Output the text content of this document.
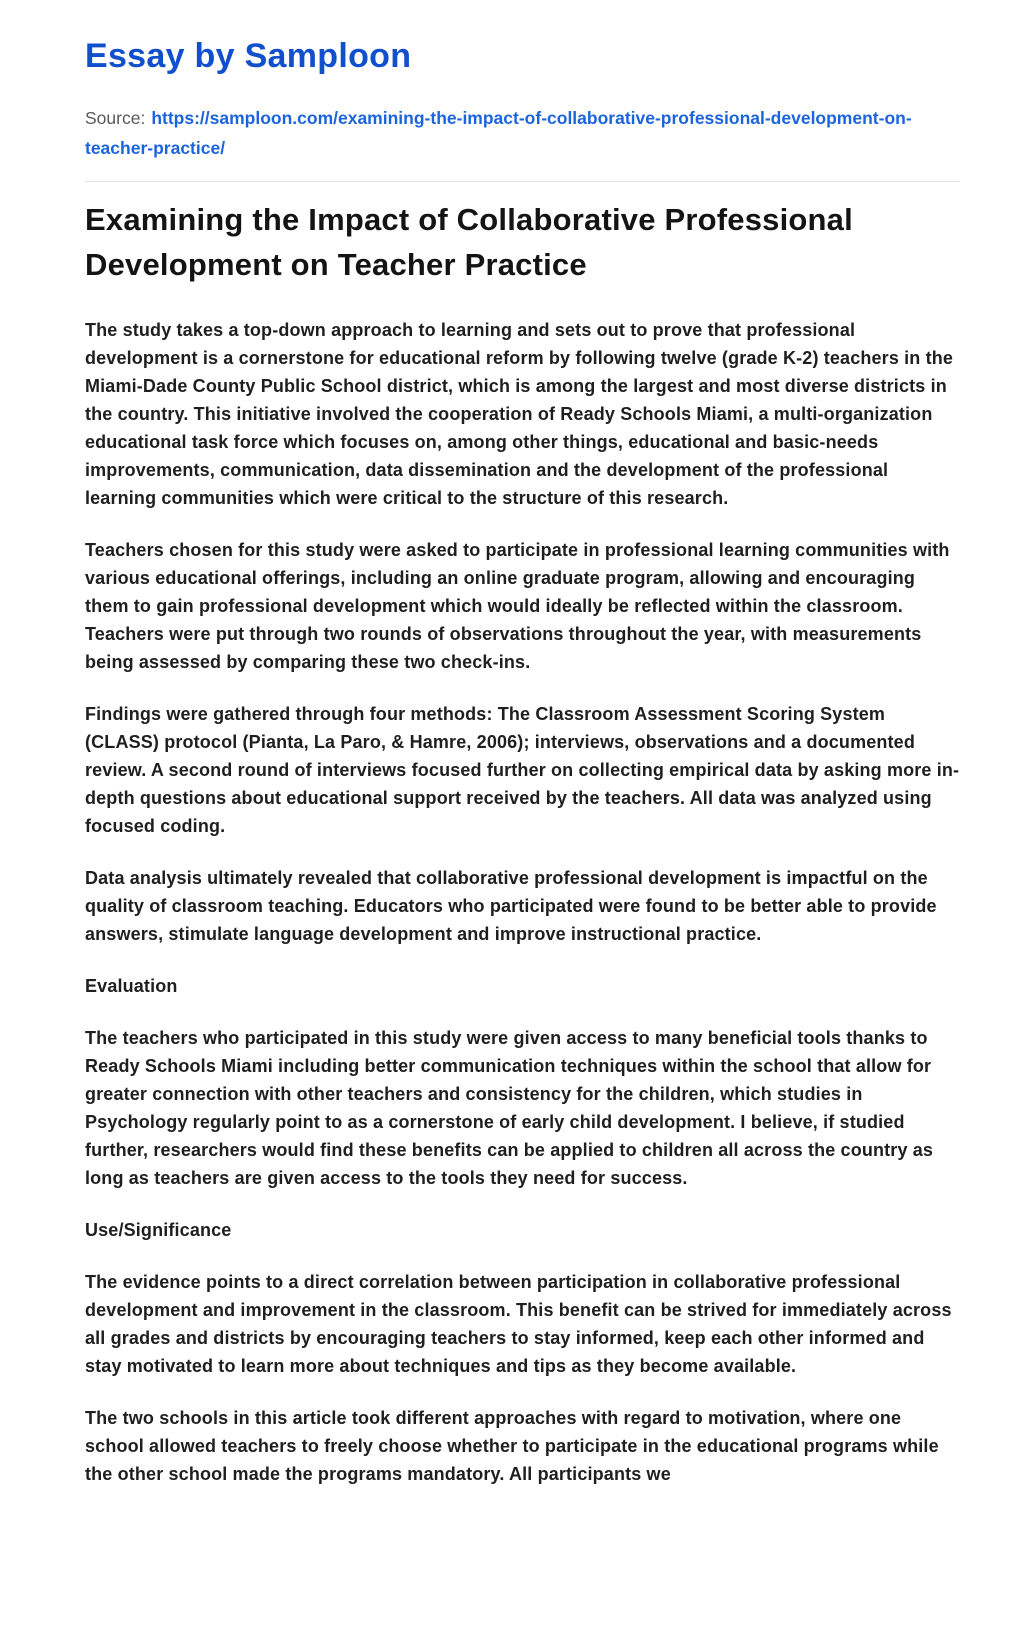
Essay by Samploon

Source: https://samploon.com/examining-the-impact-of-collaborative-professional-development-on-teacher-practice/

Examining the Impact of Collaborative Professional Development on Teacher Practice

The study takes a top-down approach to learning and sets out to prove that professional development is a cornerstone for educational reform by following twelve (grade K-2) teachers in the Miami-Dade County Public School district, which is among the largest and most diverse districts in the country. This initiative involved the cooperation of Ready Schools Miami, a multi-organization educational task force which focuses on, among other things, educational and basic-needs improvements, communication, data dissemination and the development of the professional learning communities which were critical to the structure of this research.

Teachers chosen for this study were asked to participate in professional learning communities with various educational offerings, including an online graduate program, allowing and encouraging them to gain professional development which would ideally be reflected within the classroom. Teachers were put through two rounds of observations throughout the year, with measurements being assessed by comparing these two check-ins.

Findings were gathered through four methods: The Classroom Assessment Scoring System (CLASS) protocol (Pianta, La Paro, & Hamre, 2006); interviews, observations and a documented review. A second round of interviews focused further on collecting empirical data by asking more in-depth questions about educational support received by the teachers. All data was analyzed using focused coding.

Data analysis ultimately revealed that collaborative professional development is impactful on the quality of classroom teaching. Educators who participated were found to be better able to provide answers, stimulate language development and improve instructional practice.

Evaluation

The teachers who participated in this study were given access to many beneficial tools thanks to Ready Schools Miami including better communication techniques within the school that allow for greater connection with other teachers and consistency for the children, which studies in Psychology regularly point to as a cornerstone of early child development. I believe, if studied further, researchers would find these benefits can be applied to children all across the country as long as teachers are given access to the tools they need for success.

Use/Significance

The evidence points to a direct correlation between participation in collaborative professional development and improvement in the classroom. This benefit can be strived for immediately across all grades and districts by encouraging teachers to stay informed, keep each other informed and stay motivated to learn more about techniques and tips as they become available.

The two schools in this article took different approaches with regard to motivation, where one school allowed teachers to freely choose whether to participate in the educational programs while the other school made the programs mandatory. All participants we
